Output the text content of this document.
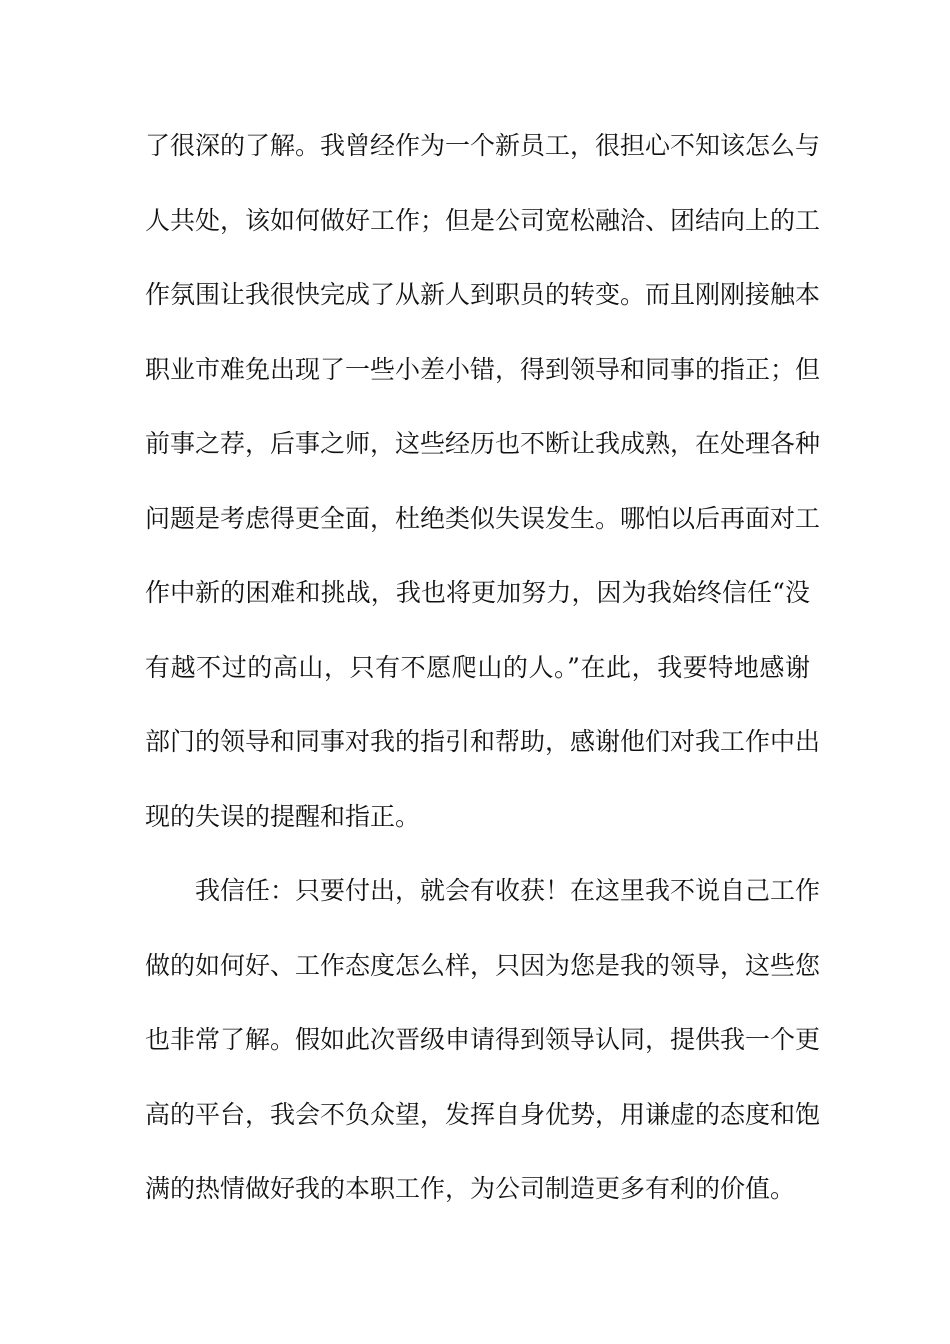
了很深的了解。我曾经作为一个新员工，很担心不知该怎么与
人共处，该如何做好工作；但是公司宽松融洽、团结向上的工
作氛围让我很快完成了从新人到职员的转变。而且刚刚接触本
职业市难免出现了一些小差小错，得到领导和同事的指正；但
前事之荐，后事之师，这些经历也不断让我成熟，在处理各种
问题是考虑得更全面，杜绝类似失误发生。哪怕以后再面对工
作中新的困难和挑战，我也将更加努力，因为我始终信任“没
有越不过的高山，只有不愿爬山的人。”在此，我要特地感谢
部门的领导和同事对我的指引和帮助，感谢他们对我工作中出
现的失误的提醒和指正。
我信任：只要付出，就会有收获！在这里我不说自己工作
做的如何好、工作态度怎么样，只因为您是我的领导，这些您
也非常了解。假如此次晋级申请得到领导认同，提供我一个更
高的平台，我会不负众望，发挥自身优势，用谦虚的态度和饱
满的热情做好我的本职工作，为公司制造更多有利的价值。
